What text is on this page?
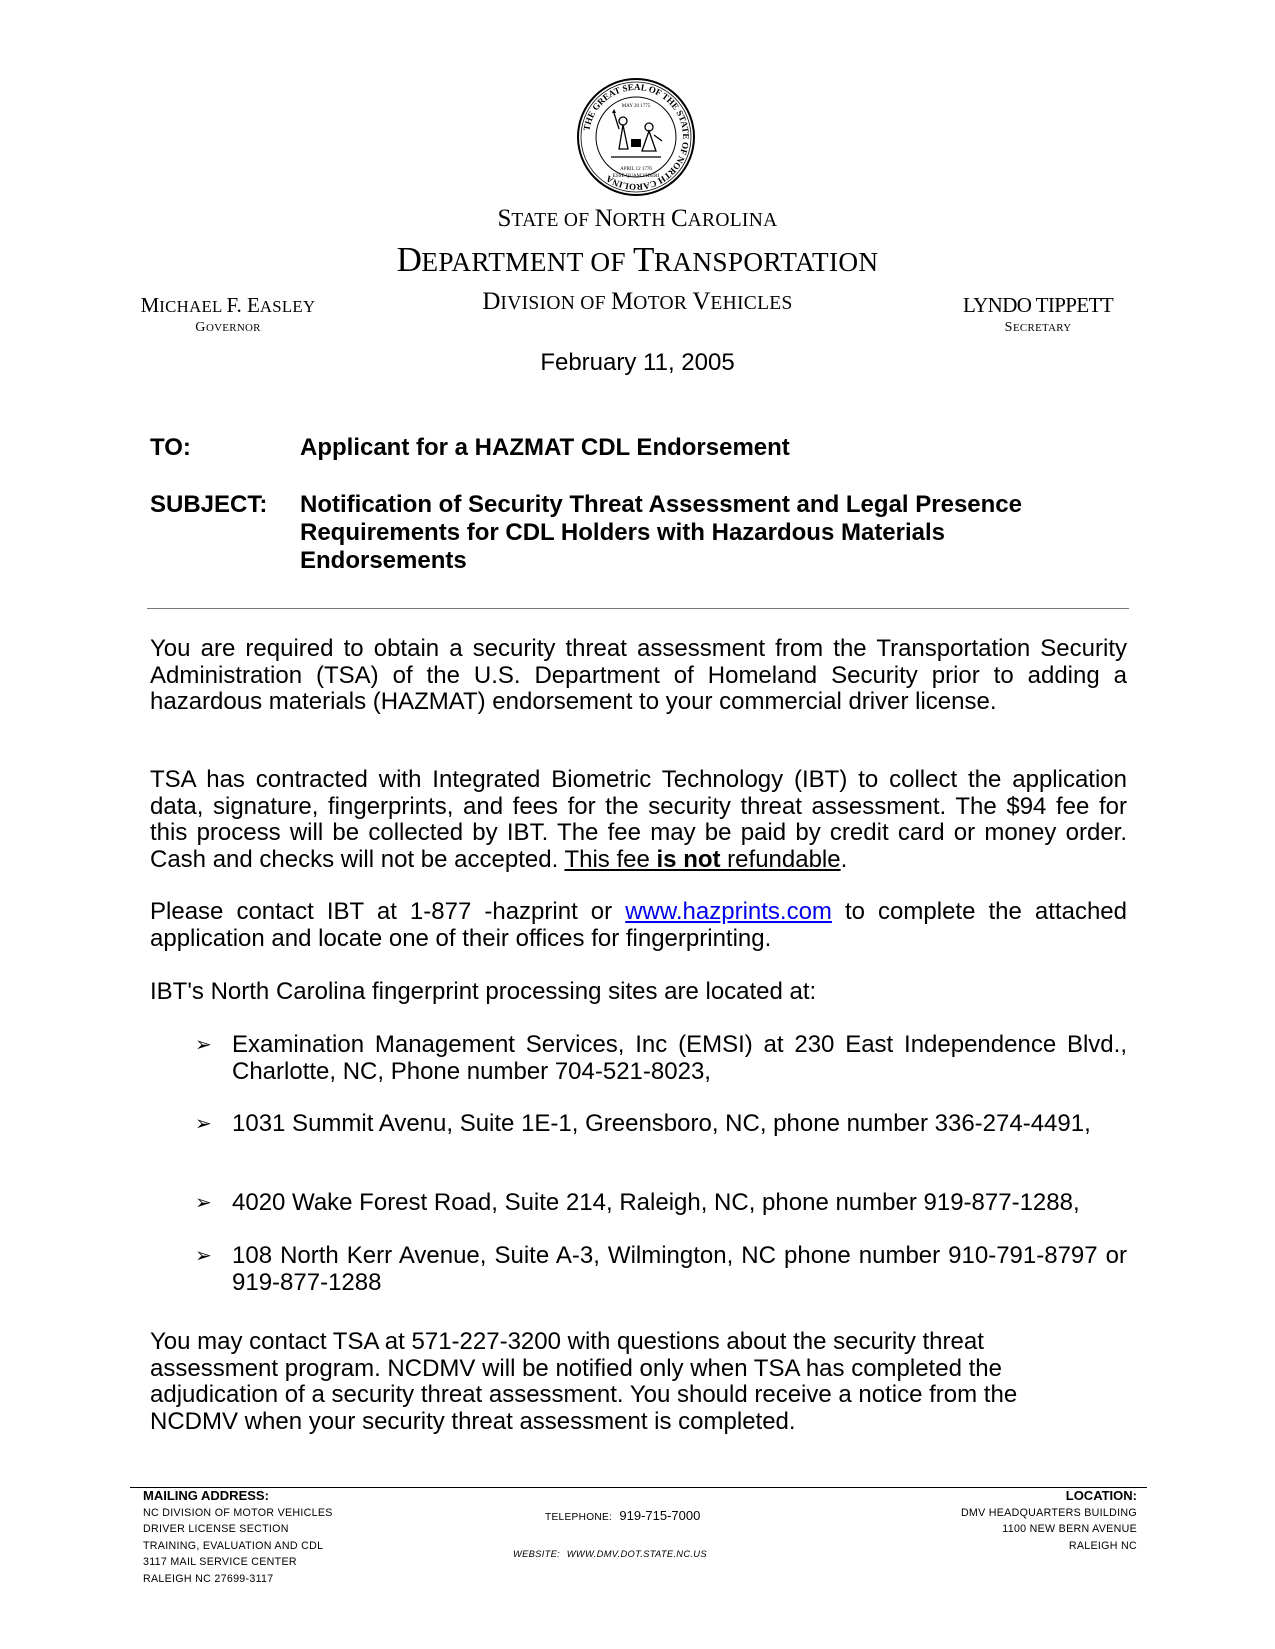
THE GREAT SEAL OF THE STATE OF NORTH CAROLINA
MAY 20 1775
APRIL 12 1776
ESSE QUAM VIDERI
STATE OF NORTH CAROLINA
DEPARTMENT OF TRANSPORTATION
DIVISION OF MOTOR VEHICLES
MICHAEL F. EASLEY
GOVERNOR
LYNDO TIPPETT
SECRETARY
February 11, 2005
TO:	Applicant for a HAZMAT CDL Endorsement
SUBJECT: Notification of Security Threat Assessment and Legal Presence
Requirements for CDL Holders with Hazardous Materials
Endorsements
You are required to obtain a security threat assessment from the Transportation Security Administration (TSA) of the U.S. Department of Homeland Security prior to adding a hazardous materials (HAZMAT) endorsement to your commercial driver license.
TSA has contracted with Integrated Biometric Technology (IBT) to collect the application data, signature, fingerprints, and fees for the security threat assessment. The $94 fee for this process will be collected by IBT. The fee may be paid by credit card or money order. Cash and checks will not be accepted. This fee is not refundable.
Please contact IBT at 1-877 -hazprint or www.hazprints.com to complete the attached application and locate one of their offices for fingerprinting.
IBT's North Carolina fingerprint processing sites are located at:
➢ Examination Management Services, Inc (EMSI) at 230 East Independence Blvd., Charlotte, NC, Phone number 704-521-8023,
➢ 1031 Summit Avenu, Suite 1E-1, Greensboro, NC, phone number 336-274-4491,
➢ 4020 Wake Forest Road, Suite 214, Raleigh, NC, phone number 919-877-1288,
➢ 108 North Kerr Avenue, Suite A-3, Wilmington, NC phone number 910-791-8797 or 919-877-1288
You may contact TSA at 571-227-3200 with questions about the security threat
assessment program. NCDMV will be notified only when TSA has completed the
adjudication of a security threat assessment. You should receive a notice from the
NCDMV when your security threat assessment is completed.
MAILING ADDRESS:
NC DIVISION OF MOTOR VEHICLES
DRIVER LICENSE SECTION
TRAINING, EVALUATION AND CDL
3117 MAIL SERVICE CENTER
RALEIGH NC 27699-3117
TELEPHONE: 919-715-7000
WEBSITE: WWW.DMV.DOT.STATE.NC.US
LOCATION:
DMV HEADQUARTERS BUILDING
1100 NEW BERN AVENUE
RALEIGH NC
